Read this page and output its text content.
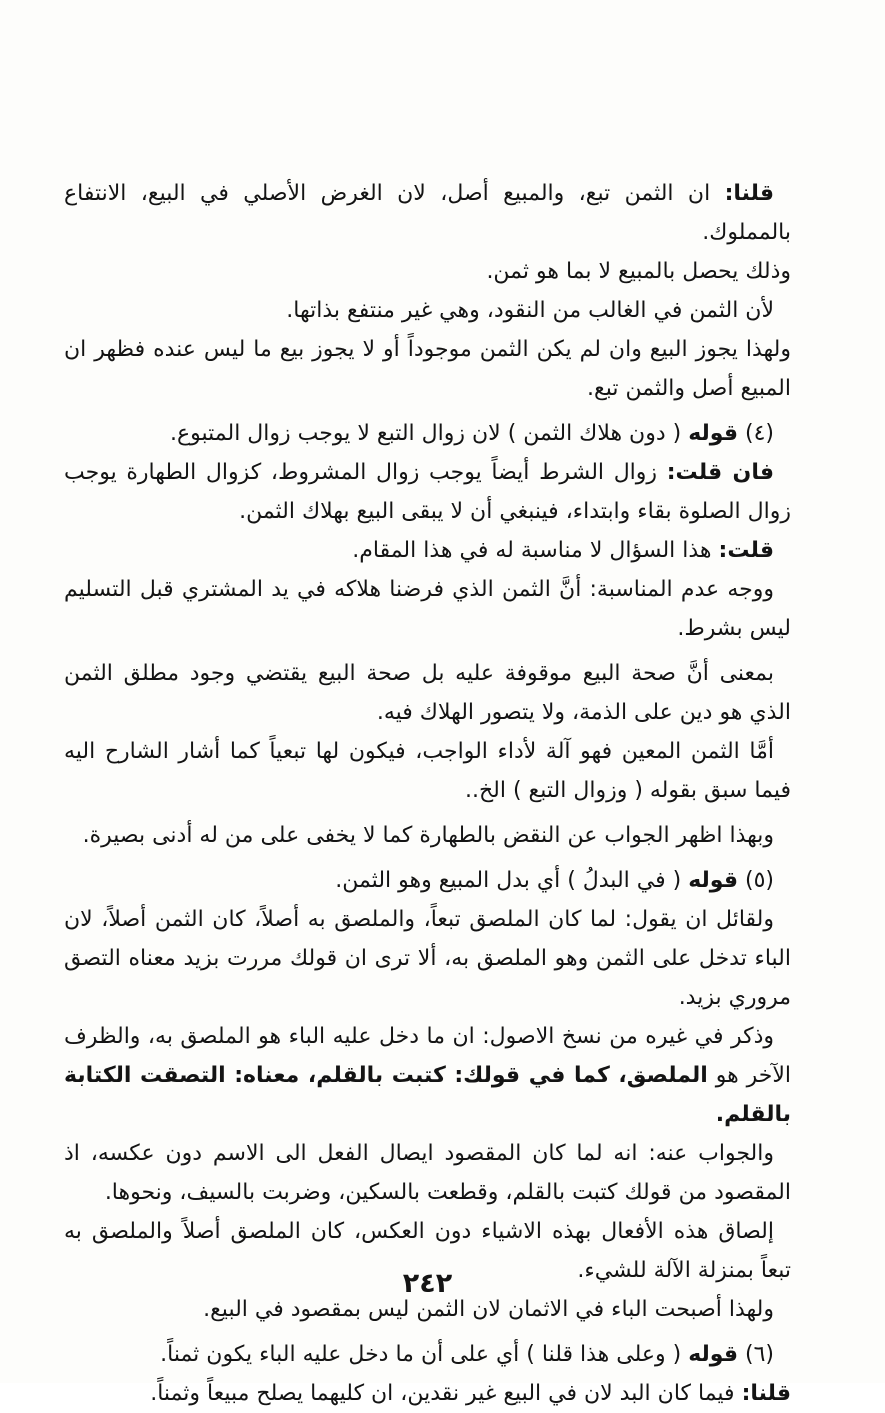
قلنا: ان الثمن تبع، والمبيع أصل، لان الغرض الأصلي في البيع، الانتفاع بالمملوك.

وذلك يحصل بالمبيع لا بما هو ثمن.

لأن الثمن في الغالب من النقود، وهي غير منتفع بذاتها.

ولهذا يجوز البيع وان لم يكن الثمن موجوداً أو لا يجوز بيع ما ليس عنده فظهر ان المبيع أصل والثمن تبع.

(٤) قوله ( دون هلاك الثمن ) لان زوال التبع لا يوجب زوال المتبوع.

فان قلت: زوال الشرط أيضاً يوجب زوال المشروط، كزوال الطهارة يوجب زوال الصلوة بقاء وابتداء، فينبغي أن لا يبقى البيع بهلاك الثمن.

قلت: هذا السؤال لا مناسبة له في هذا المقام.

ووجه عدم المناسبة: أنَّ الثمن الذي فرضنا هلاكه في يد المشتري قبل التسليم ليس بشرط.

بمعنى أنَّ صحة البيع موقوفة عليه بل صحة البيع يقتضي وجود مطلق الثمن الذي هو دين على الذمة، ولا يتصور الهلاك فيه.

أمَّا الثمن المعين فهو آلة لأداء الواجب، فيكون لها تبعياً كما أشار الشارح اليه فيما سبق بقوله ( وزوال التبع ) الخ..

وبهذا اظهر الجواب عن النقض بالطهارة كما لا يخفى على من له أدنى بصيرة.

(٥) قوله ( في البدلُ ) أي بدل المبيع وهو الثمن.

ولقائل ان يقول: لما كان الملصق تبعاً، والملصق به أصلاً، كان الثمن أصلاً، لان الباء تدخل على الثمن وهو الملصق به، ألا ترى ان قولك مررت بزيد معناه التصق مروري بزيد.

وذكر في غيره من نسخ الاصول: ان ما دخل عليه الباء هو الملصق به، والظرف الآخر هو الملصق، كما في قولك: كتبت بالقلم، معناه: التصقت الكتابة بالقلم.

والجواب عنه: انه لما كان المقصود ايصال الفعل الى الاسم دون عكسه، اذ المقصود من قولك كتبت بالقلم، وقطعت بالسكين، وضربت بالسيف، ونحوها.

إلصاق هذه الأفعال بهذه الاشياء دون العكس، كان الملصق أصلاً والملصق به تبعاً بمنزلة الآلة للشيء.

ولهذا أصبحت الباء في الاثمان لان الثمن ليس بمقصود في البيع.

(٦) قوله ( وعلى هذا قلنا ) أي على أن ما دخل عليه الباء يكون ثمناً.

قلنا: فيما كان البد لان في البيع غير نقدين، ان كليهما يصلح مبيعاً وثمناً.

٢٤٢
